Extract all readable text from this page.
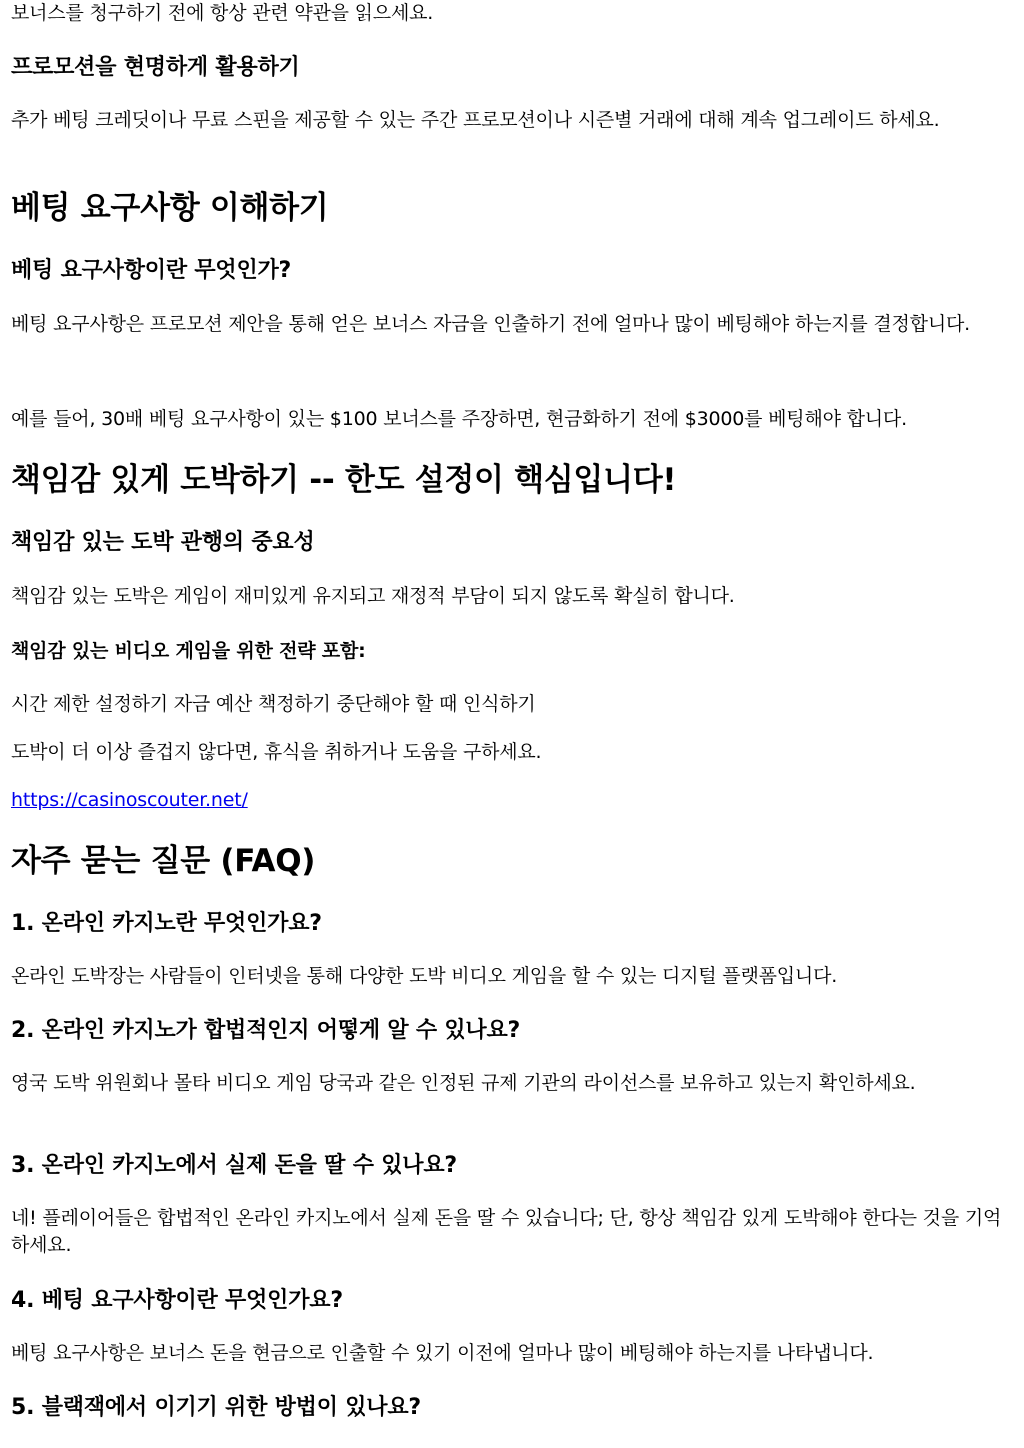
보너스를 청구하기 전에 항상 관련 약관을 읽으세요.

프로모션을 현명하게 활용하기

추가 베팅 크레딧이나 무료 스핀을 제공할 수 있는 주간 프로모션이나 시즌별 거래에 대해 계속 업그레이드 하세요.

베팅 요구사항 이해하기
베팅 요구사항이란 무엇인가?

베팅 요구사항은 프로모션 제안을 통해 얻은 보너스 자금을 인출하기 전에 얼마나 많이 베팅해야 하는지를 결정합니다.

예를 들어, 30배 베팅 요구사항이 있는 $100 보너스를 주장하면, 현금화하기 전에 $3000를 베팅해야 합니다.

책임감 있게 도박하기 -- 한도 설정이 핵심입니다!
책임감 있는 도박 관행의 중요성

책임감 있는 도박은 게임이 재미있게 유지되고 재정적 부담이 되지 않도록 확실히 합니다.

책임감 있는 비디오 게임을 위한 전략 포함:

시간 제한 설정하기 자금 예산 책정하기 중단해야 할 때 인식하기

도박이 더 이상 즐겁지 않다면, 휴식을 취하거나 도움을 구하세요.

https://casinoscouter.net/

자주 묻는 질문 (FAQ)
1. 온라인 카지노란 무엇인가요?

온라인 도박장는 사람들이 인터넷을 통해 다양한 도박 비디오 게임을 할 수 있는 디지털 플랫폼입니다.

2. 온라인 카지노가 합법적인지 어떻게 알 수 있나요?

영국 도박 위원회나 몰타 비디오 게임 당국과 같은 인정된 규제 기관의 라이선스를 보유하고 있는지 확인하세요.

3. 온라인 카지노에서 실제 돈을 딸 수 있나요?

네! 플레이어들은 합법적인 온라인 카지노에서 실제 돈을 딸 수 있습니다; 단, 항상 책임감 있게 도박해야 한다는 것을 기억하세요.

4. 베팅 요구사항이란 무엇인가요?

베팅 요구사항은 보너스 돈을 현금으로 인출할 수 있기 이전에 얼마나 많이 베팅해야 하는지를 나타냅니다.

5. 블랙잭에서 이기기 위한 방법이 있나요?
